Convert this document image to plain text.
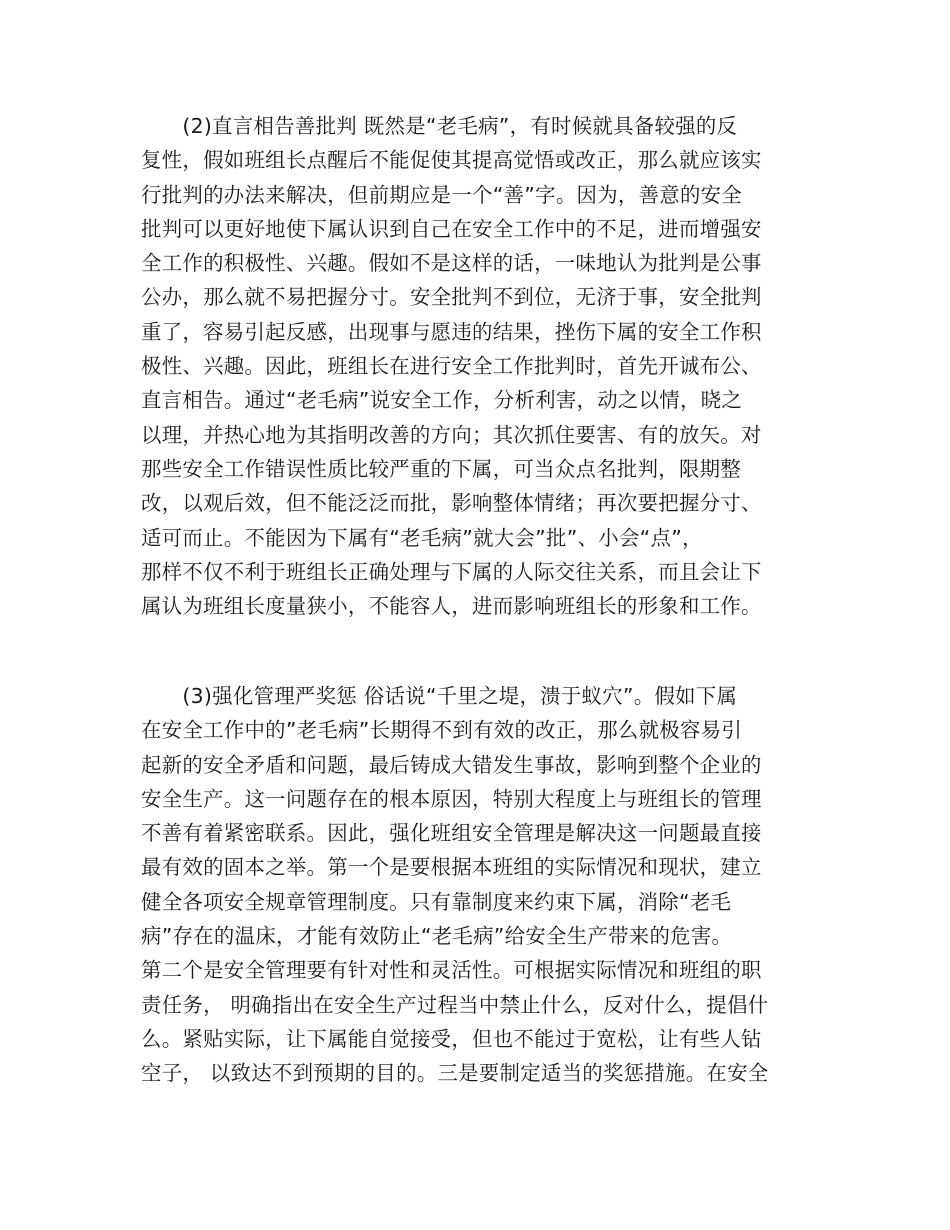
　　(2)直言相告善批判 既然是“老毛病”，有时候就具备较强的反
复性，假如班组长点醒后不能促使其提高觉悟或改正，那么就应该实
行批判的办法来解决，但前期应是一个“善”字。因为，善意的安全
批判可以更好地使下属认识到自己在安全工作中的不足，进而增强安
全工作的积极性、兴趣。假如不是这样的话，一味地认为批判是公事
公办，那么就不易把握分寸。安全批判不到位，无济于事，安全批判
重了，容易引起反感，出现事与愿违的结果，挫伤下属的安全工作积
极性、兴趣。因此，班组长在进行安全工作批判时，首先开诚布公、
直言相告。通过“老毛病”说安全工作，分析利害，动之以情，晓之
以理，并热心地为其指明改善的方向；其次抓住要害、有的放矢。对
那些安全工作错误性质比较严重的下属，可当众点名批判，限期整
改，以观后效，但不能泛泛而批，影响整体情绪；再次要把握分寸、
适可而止。不能因为下属有“老毛病”就大会”批”、小会“点”，
那样不仅不利于班组长正确处理与下属的人际交往关系，而且会让下
属认为班组长度量狭小，不能容人，进而影响班组长的形象和工作。
　　(3)强化管理严奖惩 俗话说“千里之堤，溃于蚁穴”。假如下属
在安全工作中的”老毛病”长期得不到有效的改正，那么就极容易引
起新的安全矛盾和问题，最后铸成大错发生事故，影响到整个企业的
安全生产。这一问题存在的根本原因，特别大程度上与班组长的管理
不善有着紧密联系。因此，强化班组安全管理是解决这一问题最直接
最有效的固本之举。第一个是要根据本班组的实际情况和现状，建立
健全各项安全规章管理制度。只有靠制度来约束下属，消除“老毛
病”存在的温床，才能有效防止“老毛病”给安全生产带来的危害。
第二个是安全管理要有针对性和灵活性。可根据实际情况和班组的职
责任务， 明确指出在安全生产过程当中禁止什么，反对什么，提倡什
么。紧贴实际，让下属能自觉接受，但也不能过于宽松，让有些人钻
空子， 以致达不到预期的目的。三是要制定适当的奖惩措施。在安全
